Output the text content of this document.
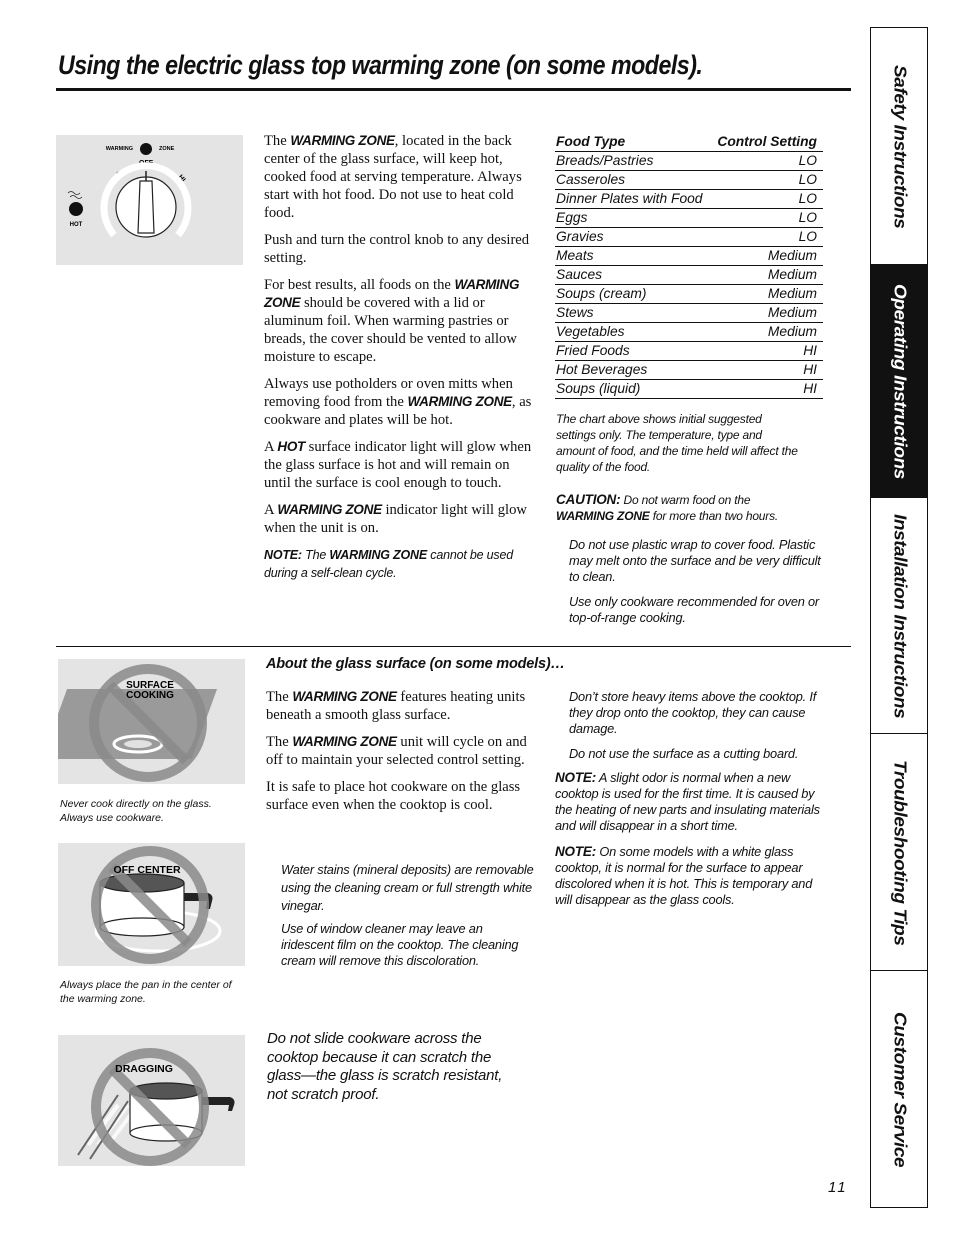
Using the electric glass top warming zone (on some models).
WARMING	ZONE
OFF
LO	HI
HOT

The WARMING ZONE, located in the back center of the glass surface, will keep hot, cooked food at serving temperature. Always start with hot food. Do not use to heat cold food.

Push and turn the control knob to any desired setting.

For best results, all foods on the WARMING ZONE should be covered with a lid or aluminum foil. When warming pastries or breads, the cover should be vented to allow moisture to escape.

Always use potholders or oven mitts when removing food from the WARMING ZONE, as cookware and plates will be hot.

A HOT surface indicator light will glow when the glass surface is hot and will remain on until the surface is cool enough to touch.

A WARMING ZONE indicator light will glow when the unit is on.

NOTE: The WARMING ZONE cannot be used during a self-clean cycle.

Food Type	Control Setting
Breads/Pastries	LO
Casseroles	LO
Dinner Plates with Food	LO
Eggs	LO
Gravies	LO
Meats	Medium
Sauces	Medium
Soups (cream)	Medium
Stews	Medium
Vegetables	Medium
Fried Foods	HI
Hot Beverages	HI
Soups (liquid)	HI

The chart above shows initial suggested settings only. The temperature, type and amount of food, and the time held will affect the quality of the food.

CAUTION: Do not warm food on the WARMING ZONE for more than two hours.

Do not use plastic wrap to cover food. Plastic may melt onto the surface and be very difficult to clean.

Use only cookware recommended for oven or top-of-range cooking.

SURFACE
COOKING
Never cook directly on the glass. Always use cookware.
OFF CENTER
Always place the pan in the center of the warming zone.
DRAGGING
About the glass surface (on some models)…

The WARMING ZONE features heating units beneath a smooth glass surface.

The WARMING ZONE unit will cycle on and off to maintain your selected control setting.

It is safe to place hot cookware on the glass surface even when the cooktop is cool.

Water stains (mineral deposits) are removable using the cleaning cream or full strength white vinegar.

Use of window cleaner may leave an iridescent film on the cooktop. The cleaning cream will remove this discoloration.

Don’t store heavy items above the cooktop. If they drop onto the cooktop, they can cause damage.

Do not use the surface as a cutting board.

NOTE: A slight odor is normal when a new cooktop is used for the first time. It is caused by the heating of new parts and insulating materials and will disappear in a short time.

NOTE: On some models with a white glass cooktop, it is normal for the surface to appear discolored when it is hot. This is temporary and will disappear as the glass cools.

Do not slide cookware across the cooktop because it can scratch the glass—the glass is scratch resistant, not scratch proof.
11
Safety Instructions
Operating Instructions
Installation Instructions
Troubleshooting Tips
Customer Service
